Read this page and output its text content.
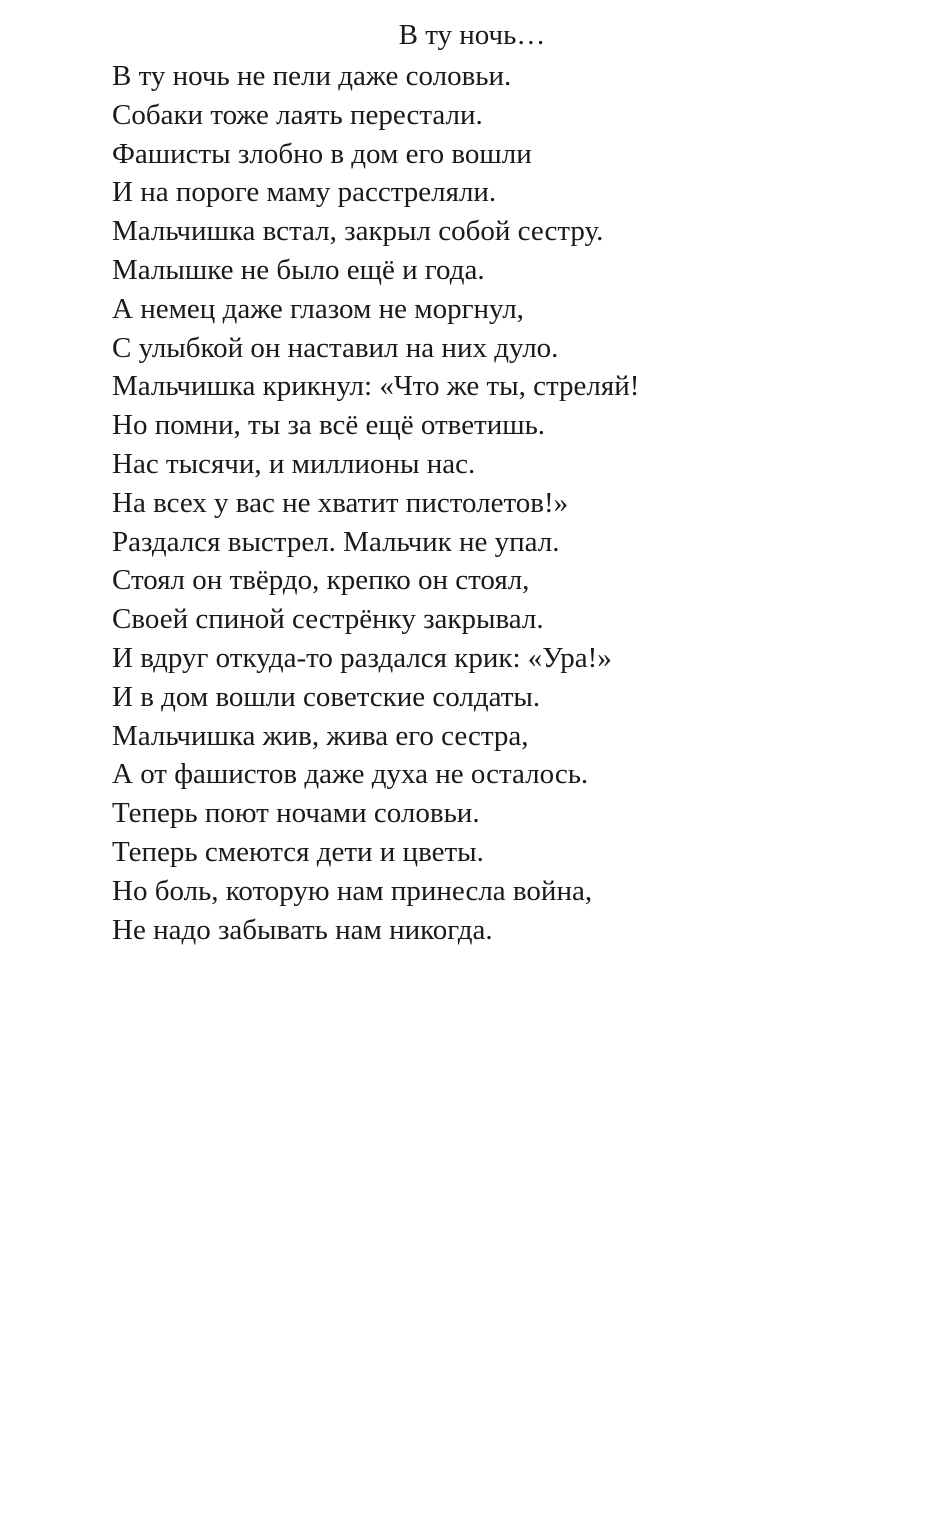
В ту ночь…
В ту ночь не пели даже соловьи.
Собаки тоже лаять перестали.
Фашисты злобно в дом его вошли
И на пороге маму расстреляли.
Мальчишка встал, закрыл собой сестру.
Малышке не было ещё и года.
А немец даже глазом не моргнул,
С улыбкой он наставил на них дуло.
Мальчишка крикнул: «Что же ты, стреляй!
Но помни, ты за всё ещё ответишь.
Нас тысячи, и миллионы нас.
На всех у вас не хватит пистолетов!»
Раздался выстрел. Мальчик не упал.
Стоял он твёрдо, крепко он стоял,
Своей спиной сестрёнку закрывал.
И вдруг откуда-то раздался крик: «Ура!»
И в дом вошли советские солдаты.
Мальчишка жив, жива его сестра,
А от фашистов даже духа не осталось.
Теперь поют ночами соловьи.
Теперь смеются дети и цветы.
Но боль, которую нам принесла война,
Не надо забывать нам никогда.
